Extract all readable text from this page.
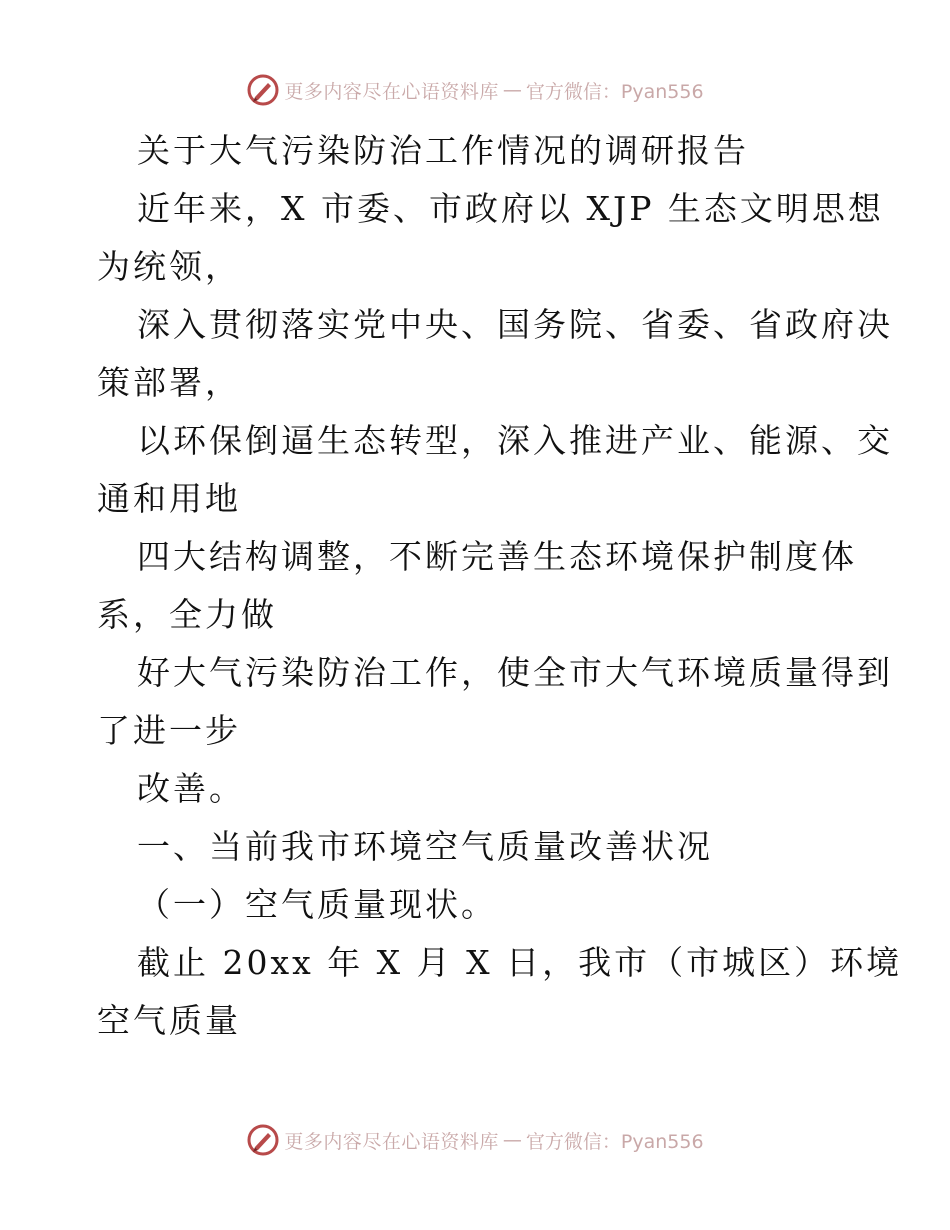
更多内容尽在心语资料库 — 官方微信：Pyan556
关于大气污染防治工作情况的调研报告
近年来，X 市委、市政府以 XJP 生态文明思想
为统领，
深入贯彻落实党中央、国务院、省委、省政府决
策部署，
以环保倒逼生态转型，深入推进产业、能源、交
通和用地
四大结构调整，不断完善生态环境保护制度体
系，全力做
好大气污染防治工作，使全市大气环境质量得到
了进一步
改善。
一、当前我市环境空气质量改善状况
（一）空气质量现状。
截止 20xx 年 X 月 X 日，我市（市城区）环境
空气质量
更多内容尽在心语资料库 — 官方微信：Pyan556
